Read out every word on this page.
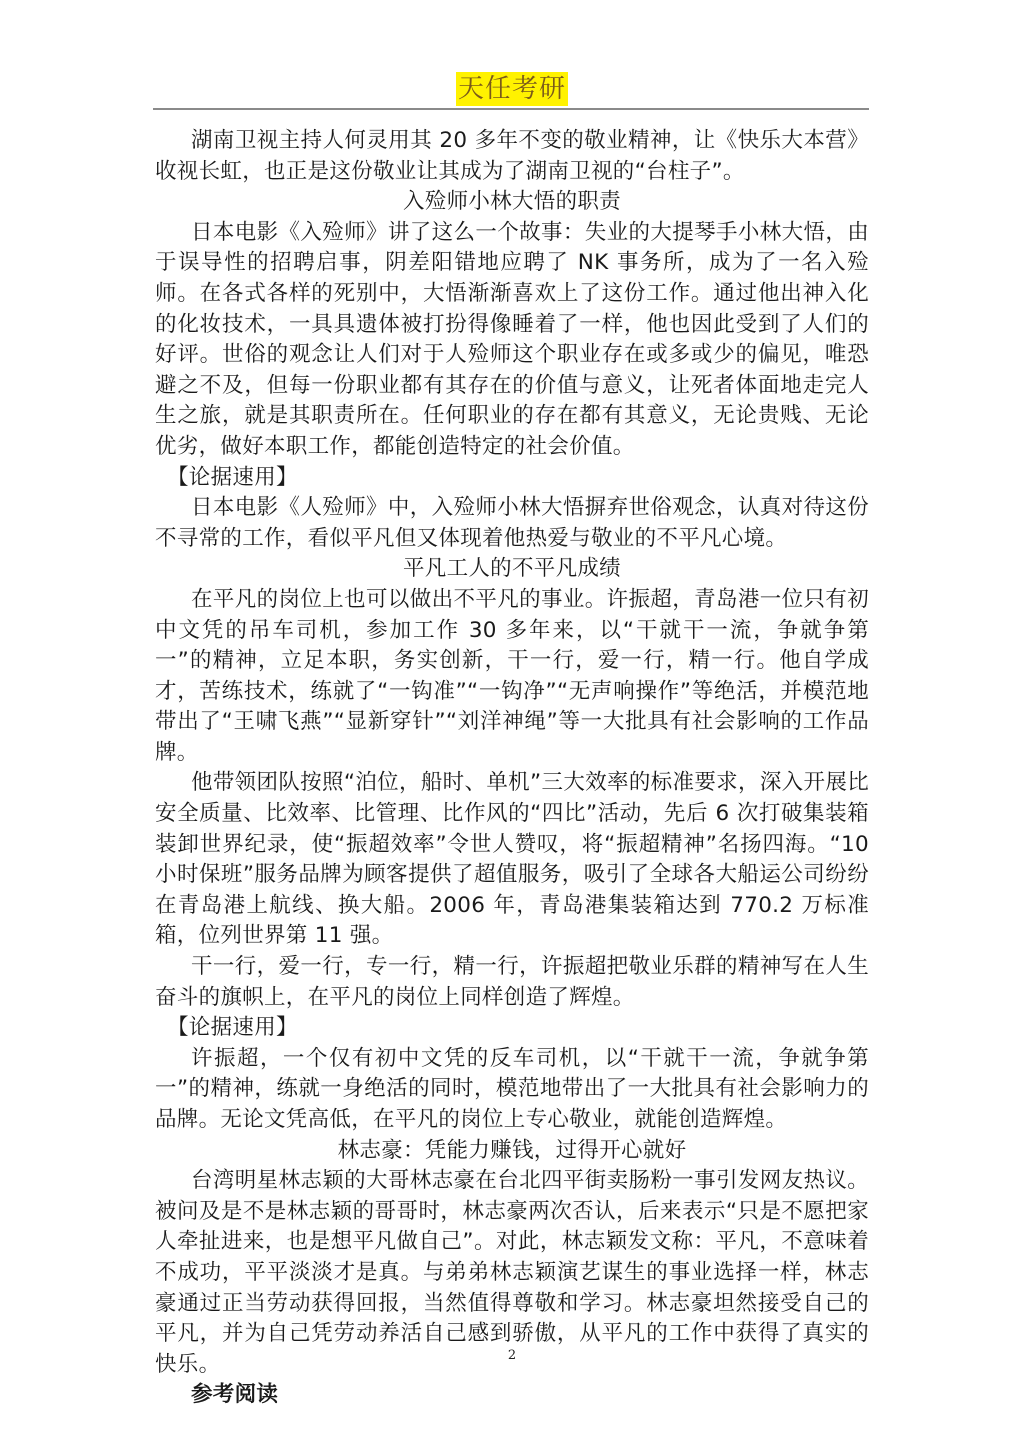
天任考研

湖南卫视主持人何灵用其 20 多年不变的敬业精神，让《快乐大本营》收视长虹，也正是这份敬业让其成为了湖南卫视的“台柱子”。

入殓师小林大悟的职责

日本电影《入殓师》讲了这么一个故事：失业的大提琴手小林大悟，由于误导性的招聘启事，阴差阳错地应聘了 NK 事务所，成为了一名入殓师。在各式各样的死别中，大悟渐渐喜欢上了这份工作。通过他出神入化的化妆技术，一具具遗体被打扮得像睡着了一样，他也因此受到了人们的好评。世俗的观念让人们对于人殓师这个职业存在或多或少的偏见，唯恐避之不及，但每一份职业都有其存在的价值与意义，让死者体面地走完人生之旅，就是其职责所在。任何职业的存在都有其意义，无论贵贱、无论优劣，做好本职工作，都能创造特定的社会价值。

【论据速用】

日本电影《人殓师》中，入殓师小林大悟摒弃世俗观念，认真对待这份不寻常的工作，看似平凡但又体现着他热爱与敬业的不平凡心境。

平凡工人的不平凡成绩

在平凡的岗位上也可以做出不平凡的事业。许振超，青岛港一位只有初中文凭的吊车司机，参加工作 30 多年来，以“干就干一流，争就争第一”的精神，立足本职，务实创新，干一行，爱一行，精一行。他自学成才，苦练技术，练就了“一钩准”“一钩净”“无声响操作”等绝活，并模范地带出了“王啸飞燕”“显新穿针”“刘洋神绳”等一大批具有社会影响的工作品牌。

他带领团队按照“泊位，船时、单机”三大效率的标准要求，深入开展比安全质量、比效率、比管理、比作风的“四比”活动，先后 6 次打破集装箱装卸世界纪录，使“振超效率”令世人赞叹，将“振超精神”名扬四海。“10 小时保班”服务品牌为顾客提供了超值服务，吸引了全球各大船运公司纷纷在青岛港上航线、换大船。2006 年，青岛港集装箱达到 770.2 万标准箱，位列世界第 11 强。

干一行，爱一行，专一行，精一行，许振超把敬业乐群的精神写在人生奋斗的旗帜上，在平凡的岗位上同样创造了辉煌。

【论据速用】

许振超，一个仅有初中文凭的反车司机，以“干就干一流，争就争第一”的精神，练就一身绝活的同时，模范地带出了一大批具有社会影响力的品牌。无论文凭高低，在平凡的岗位上专心敬业，就能创造辉煌。

林志豪：凭能力赚钱，过得开心就好

台湾明星林志颖的大哥林志豪在台北四平街卖肠粉一事引发网友热议。被问及是不是林志颖的哥哥时，林志豪两次否认，后来表示“只是不愿把家人牵扯进来，也是想平凡做自己”。对此，林志颖发文称：平凡，不意味着不成功，平平淡淡才是真。与弟弟林志颖演艺谋生的事业选择一样，林志豪通过正当劳动获得回报，当然值得尊敬和学习。林志豪坦然接受自己的平凡，并为自己凭劳动养活自己感到骄傲，从平凡的工作中获得了真实的快乐。

参考阅读

2
